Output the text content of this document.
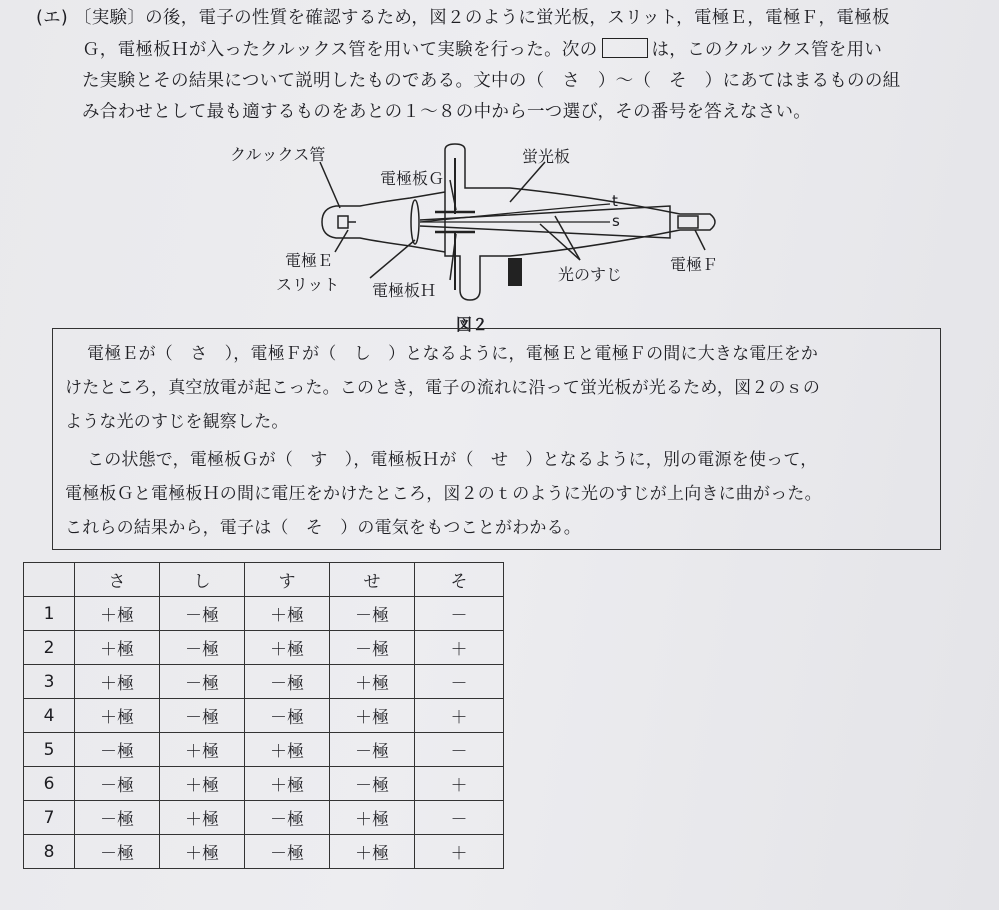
(エ) 〔実験〕の後，電子の性質を確認するため，図２のように蛍光板，スリット，電極Ｅ，電極Ｆ，電極板
Ｇ，電極板Ｈが入ったクルックス管を用いて実験を行った。次の	は，このクルックス管を用い
た実験とその結果について説明したものである。文中の（　さ　）～（　そ　）にあてはまるものの組
み合わせとして最も適するものをあとの１～８の中から一つ選び，その番号を答えなさい。
クルックス管
電極板Ｇ
蛍光板
電極Ｅ
スリット 電極板Ｈ
光のすじ
電極Ｆ
t
s
図２
電極Ｅが（　さ　），電極Ｆが（　し　）となるように，電極Ｅと電極Ｆの間に大きな電圧をか
けたところ，真空放電が起こった。このとき，電子の流れに沿って蛍光板が光るため，図２のｓの
ような光のすじを観察した。
この状態で，電極板Ｇが（　す　），電極板Ｈが（　せ　）となるように，別の電源を使って，
電極板Ｇと電極板Ｈの間に電圧をかけたところ，図２のｔのように光のすじが上向きに曲がった。
これらの結果から，電子は（　そ　）の電気をもつことがわかる。
	さ	し	す	せ	そ
1	＋極	－極	＋極	－極	－
2	＋極	－極	＋極	－極	＋
3	＋極	－極	－極	＋極	－
4	＋極	－極	－極	＋極	＋
5	－極	＋極	＋極	－極	－
6	－極	＋極	＋極	－極	＋
7	－極	＋極	－極	＋極	－
8	－極	＋極	－極	＋極	＋
